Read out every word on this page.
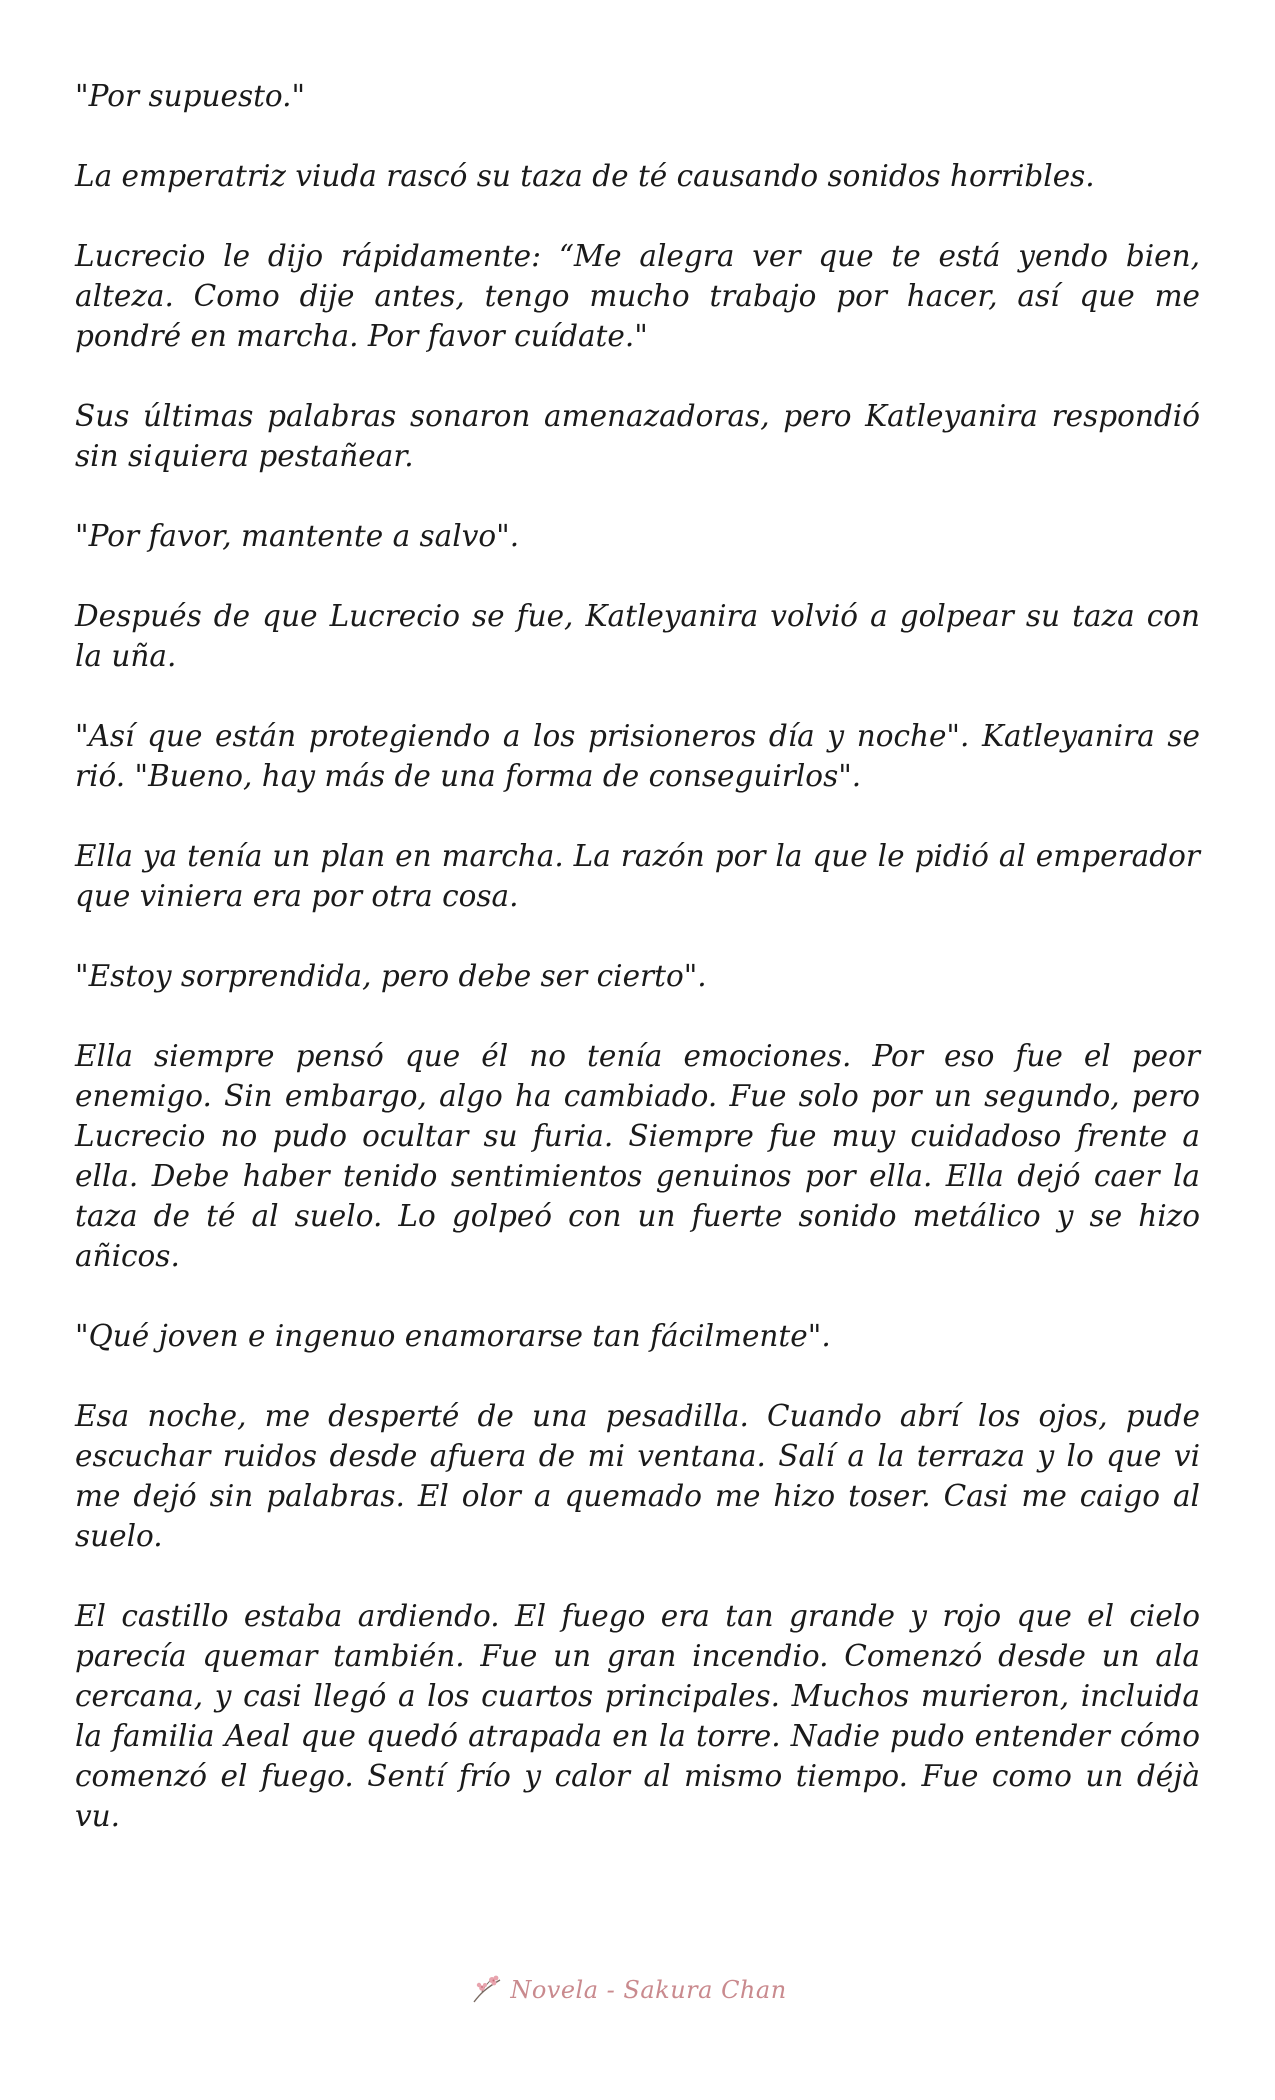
"Por supuesto."

La emperatriz viuda rascó su taza de té causando sonidos horribles.

Lucrecio le dijo rápidamente: “Me alegra ver que te está yendo bien, alteza. Como dije antes, tengo mucho trabajo por hacer, así que me pondré en marcha. Por favor cuídate."

Sus últimas palabras sonaron amenazadoras, pero Katleyanira respondió sin siquiera pestañear.

"Por favor, mantente a salvo".

Después de que Lucrecio se fue, Katleyanira volvió a golpear su taza con la uña.

"Así que están protegiendo a los prisioneros día y noche". Katleyanira se rió. "Bueno, hay más de una forma de conseguirlos".

Ella ya tenía un plan en marcha. La razón por la que le pidió al emperador que viniera era por otra cosa.

"Estoy sorprendida, pero debe ser cierto".

Ella siempre pensó que él no tenía emociones. Por eso fue el peor enemigo. Sin embargo, algo ha cambiado. Fue solo por un segundo, pero Lucrecio no pudo ocultar su furia. Siempre fue muy cuidadoso frente a ella. Debe haber tenido sentimientos genuinos por ella. Ella dejó caer la taza de té al suelo. Lo golpeó con un fuerte sonido metálico y se hizo añicos.

"Qué joven e ingenuo enamorarse tan fácilmente".

Esa noche, me desperté de una pesadilla. Cuando abrí los ojos, pude escuchar ruidos desde afuera de mi ventana. Salí a la terraza y lo que vi me dejó sin palabras. El olor a quemado me hizo toser. Casi me caigo al suelo.

El castillo estaba ardiendo. El fuego era tan grande y rojo que el cielo parecía quemar también. Fue un gran incendio. Comenzó desde un ala cercana, y casi llegó a los cuartos principales. Muchos murieron, incluida la familia Aeal que quedó atrapada en la torre. Nadie pudo entender cómo comenzó el fuego. Sentí frío y calor al mismo tiempo. Fue como un déjà vu.

Novela - Sakura Chan
